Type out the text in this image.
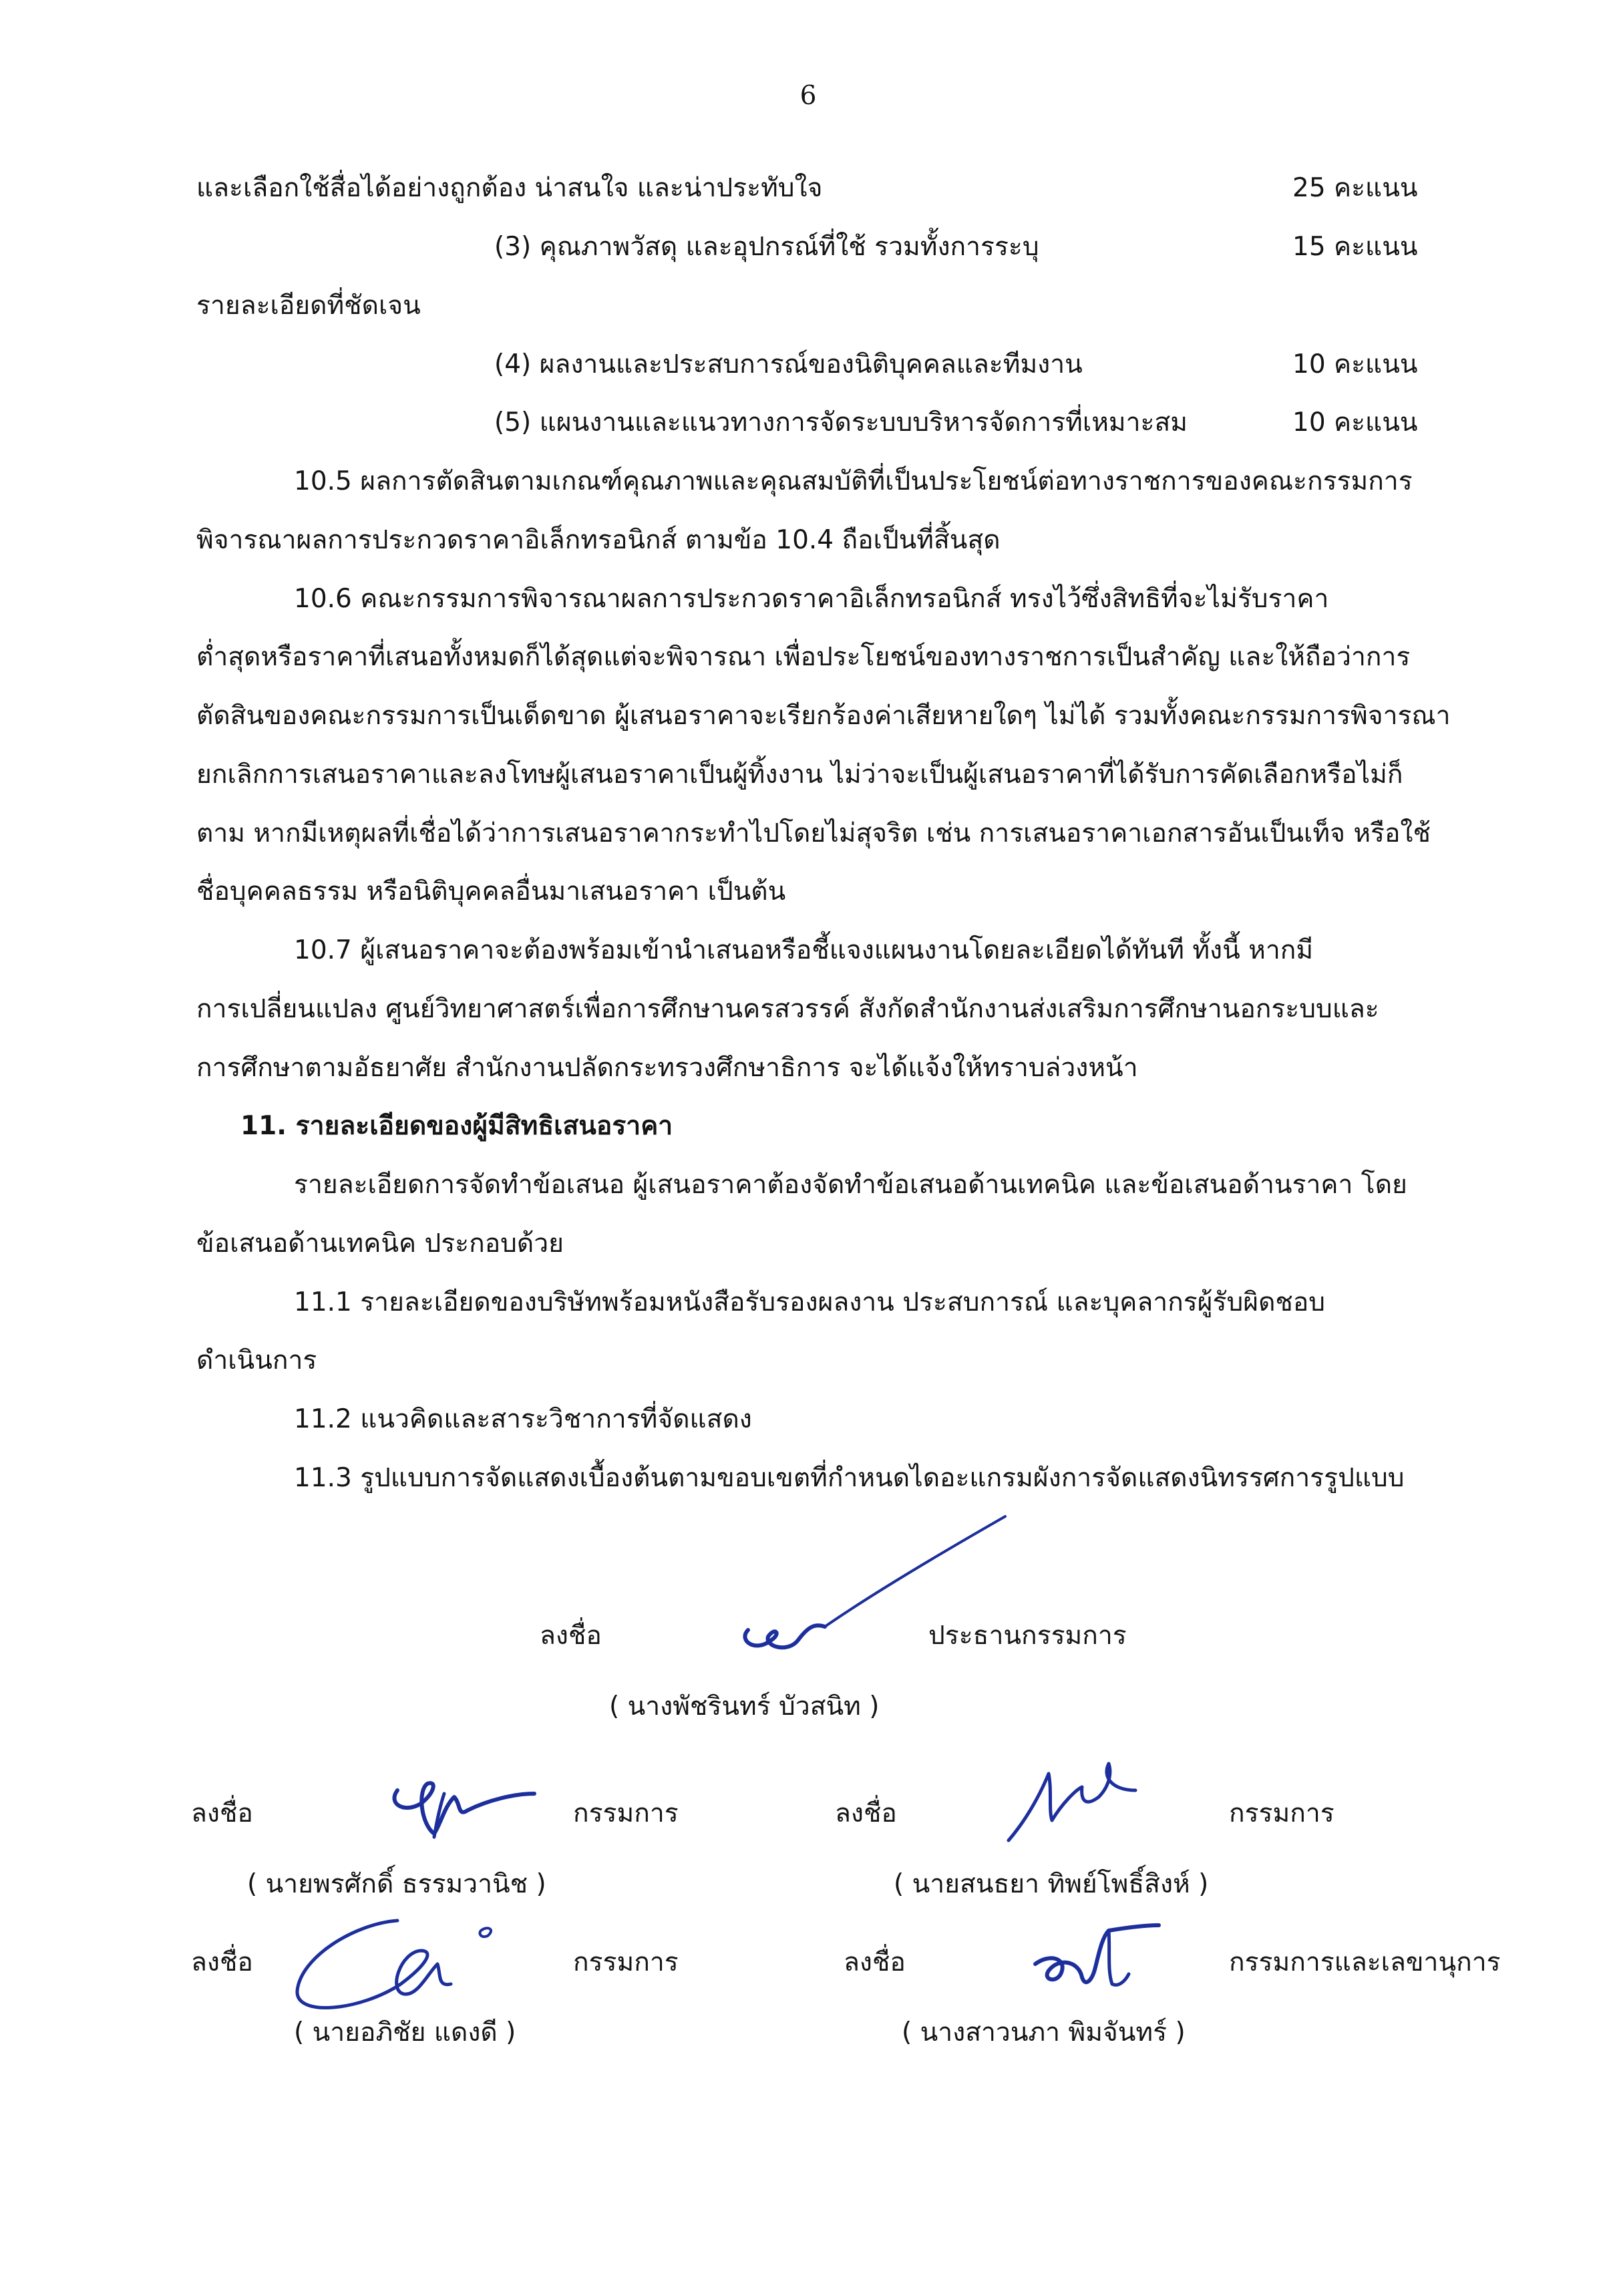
6
และเลือกใช้สื่อได้อย่างถูกต้อง น่าสนใจ และน่าประทับใจ	25 คะแนน
(3) คุณภาพวัสดุ และอุปกรณ์ที่ใช้ รวมทั้งการระบุ	15 คะแนน
รายละเอียดที่ชัดเจน
(4) ผลงานและประสบการณ์ของนิติบุคคลและทีมงาน	10 คะแนน
(5) แผนงานและแนวทางการจัดระบบบริหารจัดการที่เหมาะสม	10 คะแนน
10.5 ผลการตัดสินตามเกณฑ์คุณภาพและคุณสมบัติที่เป็นประโยชน์ต่อทางราชการของคณะกรรมการ
พิจารณาผลการประกวดราคาอิเล็กทรอนิกส์ ตามข้อ 10.4 ถือเป็นที่สิ้นสุด
10.6 คณะกรรมการพิจารณาผลการประกวดราคาอิเล็กทรอนิกส์ ทรงไว้ซึ่งสิทธิที่จะไม่รับราคา
ต่ำสุดหรือราคาที่เสนอทั้งหมดก็ได้สุดแต่จะพิจารณา เพื่อประโยชน์ของทางราชการเป็นสำคัญ และให้ถือว่าการ
ตัดสินของคณะกรรมการเป็นเด็ดขาด ผู้เสนอราคาจะเรียกร้องค่าเสียหายใดๆ ไม่ได้ รวมทั้งคณะกรรมการพิจารณา
ยกเลิกการเสนอราคาและลงโทษผู้เสนอราคาเป็นผู้ทิ้งงาน ไม่ว่าจะเป็นผู้เสนอราคาที่ได้รับการคัดเลือกหรือไม่ก็
ตาม หากมีเหตุผลที่เชื่อได้ว่าการเสนอราคากระทำไปโดยไม่สุจริต เช่น การเสนอราคาเอกสารอันเป็นเท็จ หรือใช้
ชื่อบุคคลธรรม หรือนิติบุคคลอื่นมาเสนอราคา เป็นต้น
10.7 ผู้เสนอราคาจะต้องพร้อมเข้านำเสนอหรือชี้แจงแผนงานโดยละเอียดได้ทันที ทั้งนี้ หากมี
การเปลี่ยนแปลง ศูนย์วิทยาศาสตร์เพื่อการศึกษานครสวรรค์ สังกัดสำนักงานส่งเสริมการศึกษานอกระบบและ
การศึกษาตามอัธยาศัย สำนักงานปลัดกระทรวงศึกษาธิการ จะได้แจ้งให้ทราบล่วงหน้า
11. รายละเอียดของผู้มีสิทธิเสนอราคา
รายละเอียดการจัดทำข้อเสนอ ผู้เสนอราคาต้องจัดทำข้อเสนอด้านเทคนิค และข้อเสนอด้านราคา โดย
ข้อเสนอด้านเทคนิค ประกอบด้วย
11.1 รายละเอียดของบริษัทพร้อมหนังสือรับรองผลงาน ประสบการณ์ และบุคลากรผู้รับผิดชอบ
ดำเนินการ
11.2 แนวคิดและสาระวิชาการที่จัดแสดง
11.3 รูปแบบการจัดแสดงเบื้องต้นตามขอบเขตที่กำหนดไดอะแกรมผังการจัดแสดงนิทรรศการรูปแบบ
ลงชื่อ	ประธานกรรมการ
( นางพัชรินทร์ บัวสนิท )
ลงชื่อ	กรรมการ
( นายพรศักดิ์ ธรรมวานิช )
ลงชื่อ	กรรมการ
( นายสนธยา ทิพย์โพธิ์สิงห์ )
ลงชื่อ	กรรมการ
( นายอภิชัย แดงดี )
ลงชื่อ	กรรมการและเลขานุการ
( นางสาวนภา พิมจันทร์ )
